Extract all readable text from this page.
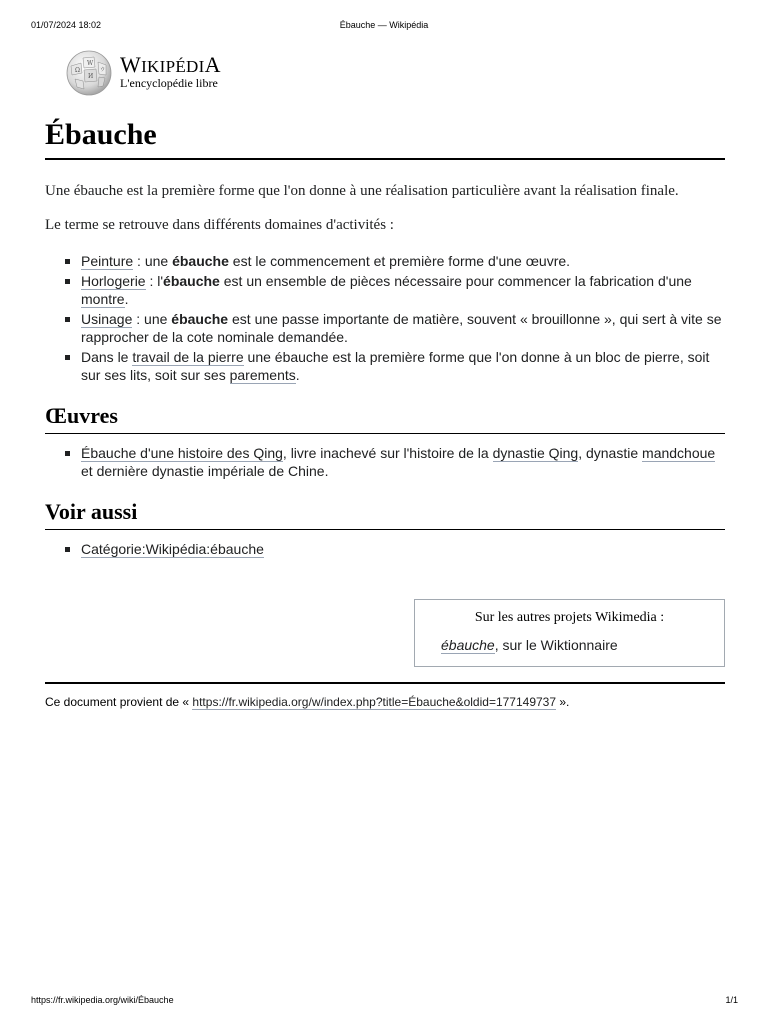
01/07/2024 18:02	Ébauche — Wikipédia
Ω
W
И
ウ WIKIPÉDIA
L'encyclopédie libre
Ébauche

Une ébauche est la première forme que l'on donne à une réalisation particulière avant la réalisation finale.

Le terme se retrouve dans différents domaines d'activités :

Peinture : une ébauche est le commencement et première forme d'une œuvre.
Horlogerie : l'ébauche est un ensemble de pièces nécessaire pour commencer la fabrication d'une montre.
Usinage : une ébauche est une passe importante de matière, souvent « brouillonne », qui sert à vite se rapprocher de la cote nominale demandée.
Dans le travail de la pierre une ébauche est la première forme que l'on donne à un bloc de pierre, soit sur ses lits, soit sur ses parements.
Œuvres
Ébauche d'une histoire des Qing, livre inachevé sur l'histoire de la dynastie Qing, dynastie mandchoue et dernière dynastie impériale de Chine.
Voir aussi
Catégorie:Wikipédia:ébauche
Sur les autres projets Wikimedia :
ébauche, sur le Wiktionnaire
Ce document provient de « https://fr.wikipedia.org/w/index.php?title=Ébauche&oldid=177149737 ».
https://fr.wikipedia.org/wiki/Ébauche	1/1
